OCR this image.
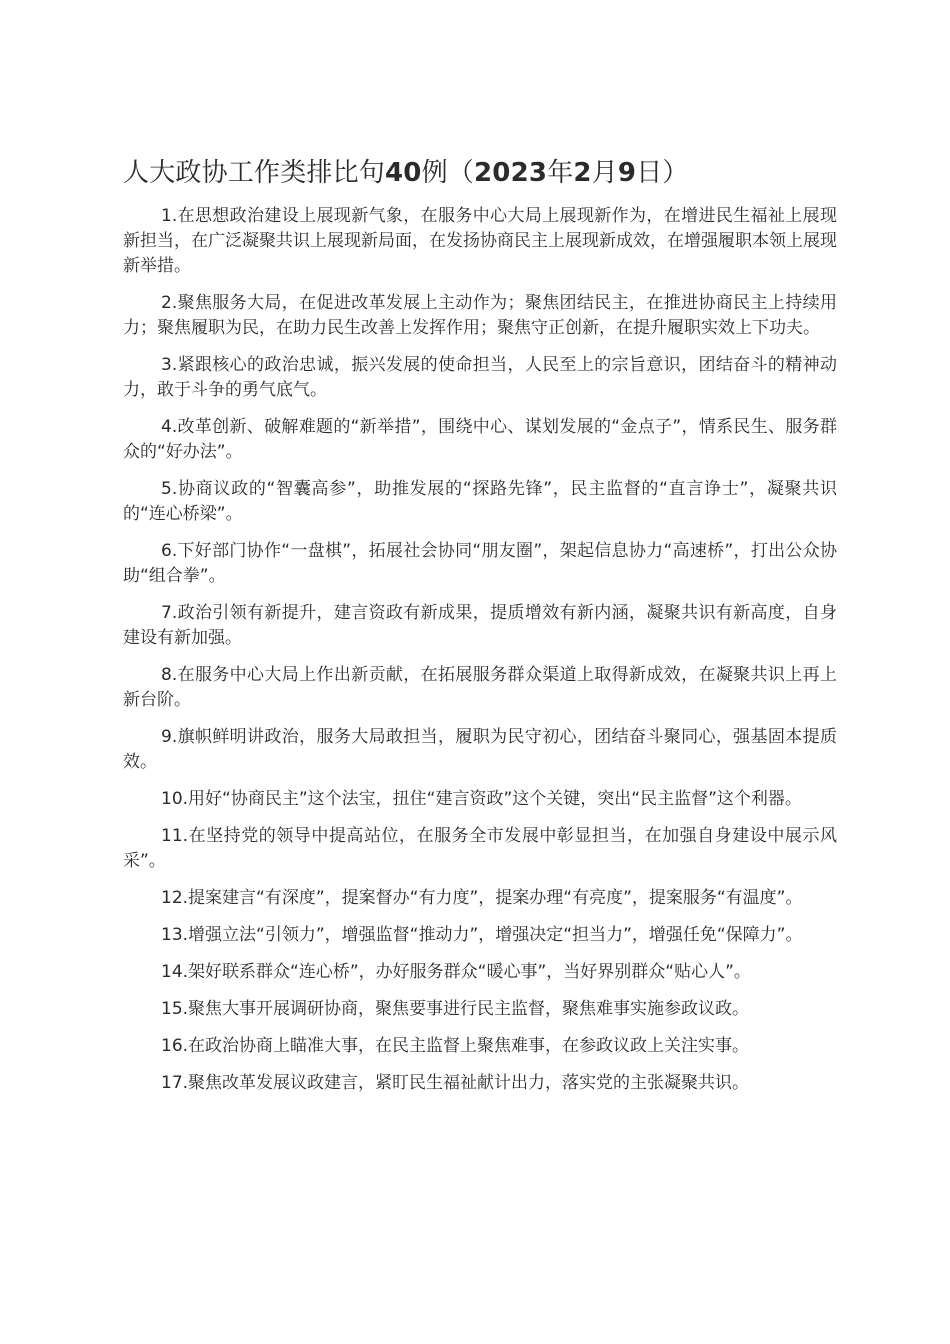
人大政协工作类排比句40例（2023年2月9日）

1.在思想政治建设上展现新气象，在服务中心大局上展现新作为，在增进民生福祉上展现新担当，在广泛凝聚共识上展现新局面，在发扬协商民主上展现新成效，在增强履职本领上展现新举措。

2.聚焦服务大局，在促进改革发展上主动作为；聚焦团结民主，在推进协商民主上持续用力；聚焦履职为民，在助力民生改善上发挥作用；聚焦守正创新，在提升履职实效上下功夫。

3.紧跟核心的政治忠诚，振兴发展的使命担当，人民至上的宗旨意识，团结奋斗的精神动力，敢于斗争的勇气底气。

4.改革创新、破解难题的“新举措”，围绕中心、谋划发展的“金点子”，情系民生、服务群众的“好办法”。

5.协商议政的“智囊高参”，助推发展的“探路先锋”，民主监督的“直言诤士”，凝聚共识的“连心桥梁”。

6.下好部门协作“一盘棋”，拓展社会协同“朋友圈”，架起信息协力“高速桥”，打出公众协助“组合拳”。

7.政治引领有新提升，建言资政有新成果，提质增效有新内涵，凝聚共识有新高度，自身建设有新加强。

8.在服务中心大局上作出新贡献，在拓展服务群众渠道上取得新成效，在凝聚共识上再上新台阶。

9.旗帜鲜明讲政治，服务大局敢担当，履职为民守初心，团结奋斗聚同心，强基固本提质效。

10.用好“协商民主”这个法宝，扭住“建言资政”这个关键，突出“民主监督”这个利器。

11.在坚持党的领导中提高站位，在服务全市发展中彰显担当，在加强自身建设中展示风采”。

12.提案建言“有深度”，提案督办“有力度”，提案办理“有亮度”，提案服务“有温度”。

13.增强立法“引领力”，增强监督“推动力”，增强决定“担当力”，增强任免“保障力”。

14.架好联系群众“连心桥”，办好服务群众“暖心事”，当好界别群众“贴心人”。

15.聚焦大事开展调研协商，聚焦要事进行民主监督，聚焦难事实施参政议政。

16.在政治协商上瞄准大事，在民主监督上聚焦难事，在参政议政上关注实事。

17.聚焦改革发展议政建言，紧盯民生福祉献计出力，落实党的主张凝聚共识。
